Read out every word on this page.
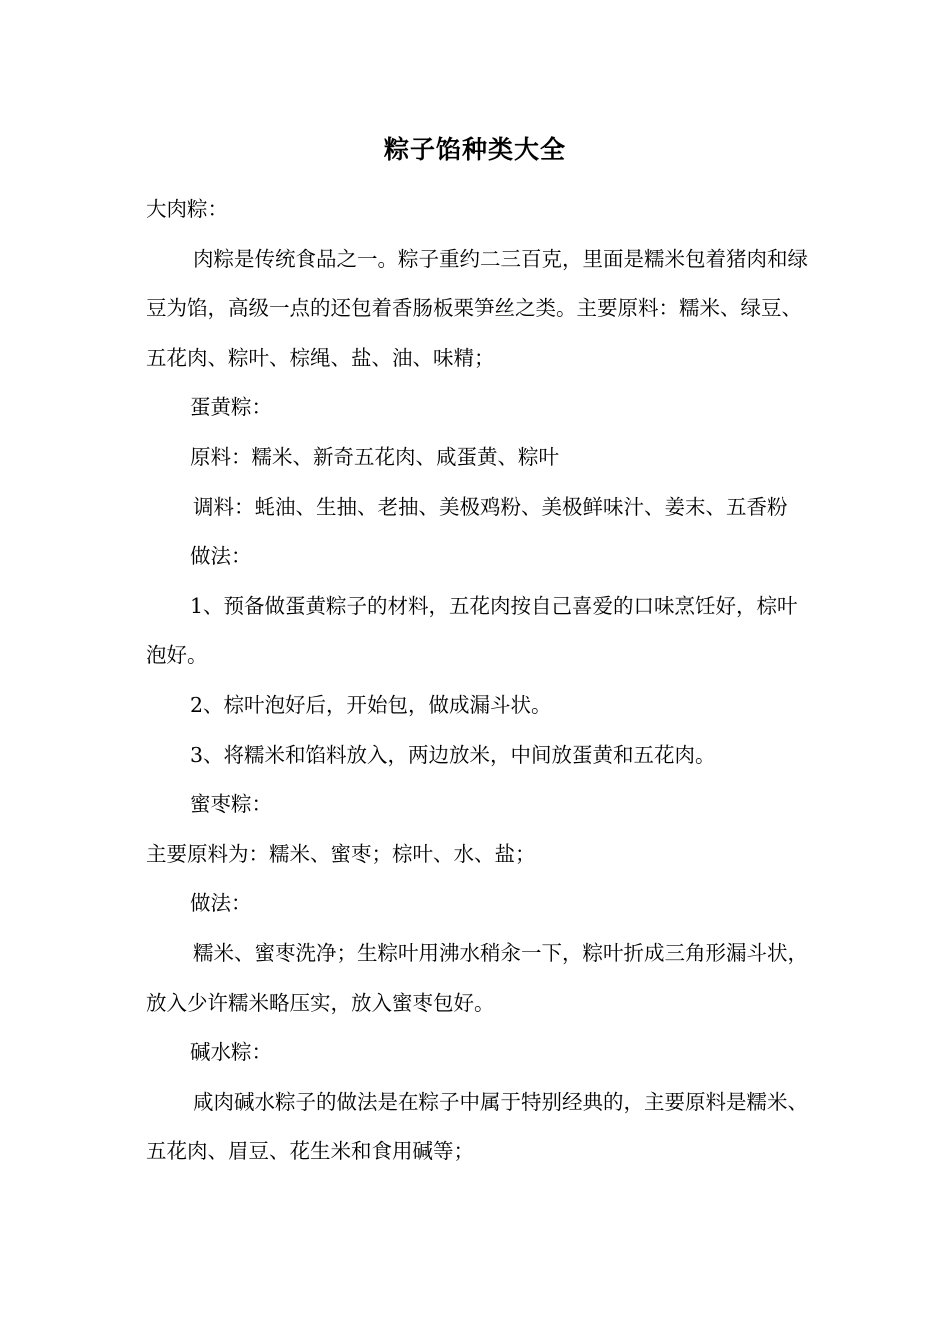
粽子馅种类大全

大肉粽：

肉粽是传统食品之一。粽子重约二三百克，里面是糯米包着猪肉和绿豆为馅，高级一点的还包着香肠板栗笋丝之类。主要原料：糯米、绿豆、五花肉、粽叶、棕绳、盐、油、味精；

蛋黄粽：

原料：糯米、新奇五花肉、咸蛋黄、粽叶

调料：蚝油、生抽、老抽、美极鸡粉、美极鲜味汁、姜末、五香粉

做法：

1、预备做蛋黄粽子的材料，五花肉按自己喜爱的口味烹饪好，棕叶泡好。

2、棕叶泡好后，开始包，做成漏斗状。

3、将糯米和馅料放入，两边放米，中间放蛋黄和五花肉。

蜜枣粽：

主要原料为：糯米、蜜枣；棕叶、水、盐；

做法：

糯米、蜜枣洗净；生粽叶用沸水稍汆一下，粽叶折成三角形漏斗状，放入少许糯米略压实，放入蜜枣包好。

碱水粽：

咸肉碱水粽子的做法是在粽子中属于特别经典的，主要原料是糯米、五花肉、眉豆、花生米和食用碱等；
